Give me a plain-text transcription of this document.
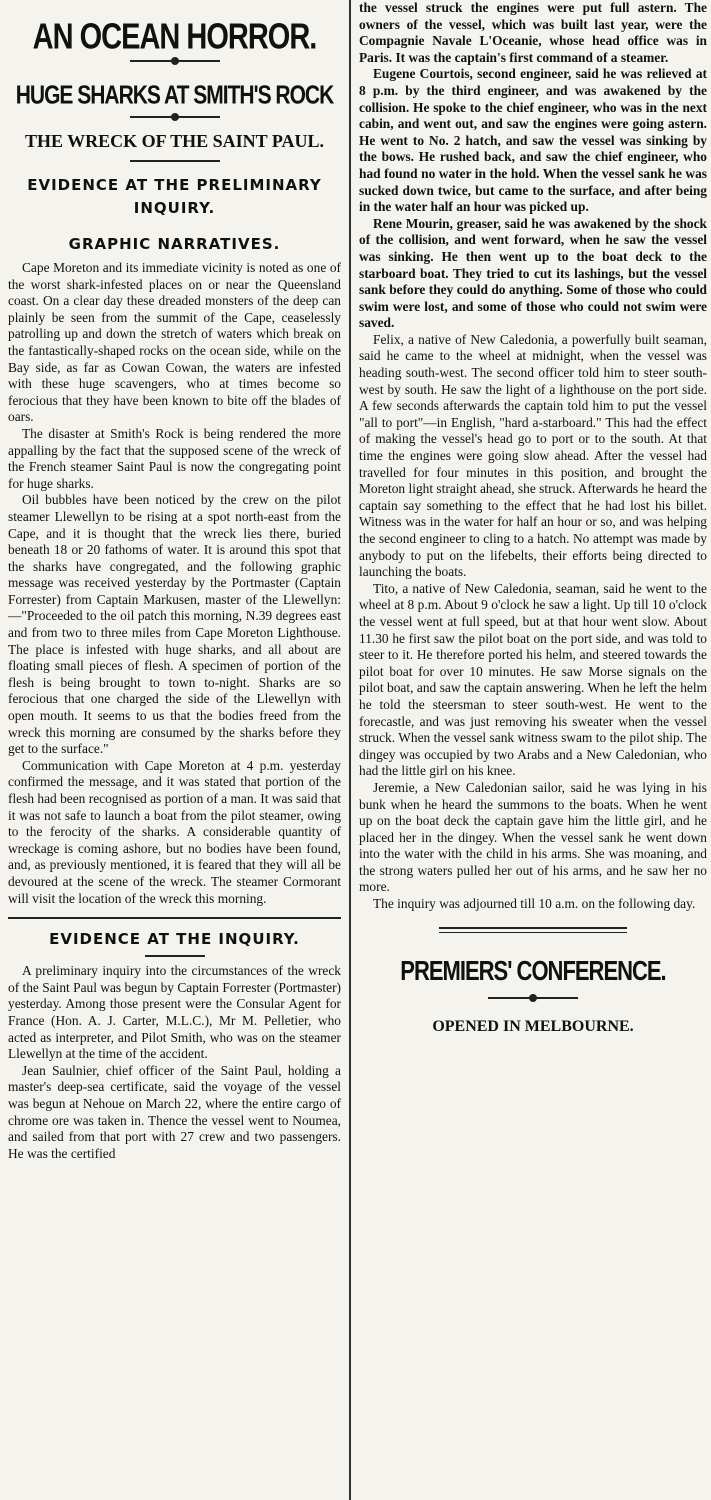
AN OCEAN HORROR.
HUGE SHARKS AT SMITH'S ROCK
THE WRECK OF THE SAINT PAUL.
EVIDENCE AT THE PRELIMINARY INQUIRY.
GRAPHIC NARRATIVES.

Cape Moreton and its immediate vicinity is noted as one of the worst shark-infested places on or near the Queensland coast. On a clear day these dreaded monsters of the deep can plainly be seen from the summit of the Cape, ceaselessly patrolling up and down the stretch of waters which break on the fantastically-shaped rocks on the ocean side, while on the Bay side, as far as Cowan Cowan, the waters are infested with these huge scavengers, who at times become so ferocious that they have been known to bite off the blades of oars.

The disaster at Smith's Rock is being rendered the more appalling by the fact that the supposed scene of the wreck of the French steamer Saint Paul is now the congregating point for huge sharks.

Oil bubbles have been noticed by the crew on the pilot steamer Llewellyn to be rising at a spot north-east from the Cape, and it is thought that the wreck lies there, buried beneath 18 or 20 fathoms of water. It is around this spot that the sharks have congregated, and the following graphic message was received yesterday by the Portmaster (Captain Forrester) from Captain Markusen, master of the Llewellyn:—"Proceeded to the oil patch this morning, N.39 degrees east and from two to three miles from Cape Moreton Lighthouse. The place is infested with huge sharks, and all about are floating small pieces of flesh. A specimen of portion of the flesh is being brought to town to-night. Sharks are so ferocious that one charged the side of the Llewellyn with open mouth. It seems to us that the bodies freed from the wreck this morning are consumed by the sharks before they get to the surface."

Communication with Cape Moreton at 4 p.m. yesterday confirmed the message, and it was stated that portion of the flesh had been recognised as portion of a man. It was said that it was not safe to launch a boat from the pilot steamer, owing to the ferocity of the sharks. A considerable quantity of wreckage is coming ashore, but no bodies have been found, and, as previously mentioned, it is feared that they will all be devoured at the scene of the wreck. The steamer Cormorant will visit the location of the wreck this morning.

EVIDENCE AT THE INQUIRY.

A preliminary inquiry into the circumstances of the wreck of the Saint Paul was begun by Captain Forrester (Portmaster) yesterday. Among those present were the Consular Agent for France (Hon. A. J. Carter, M.L.C.), Mr M. Pelletier, who acted as interpreter, and Pilot Smith, who was on the steamer Llewellyn at the time of the accident.

Jean Saulnier, chief officer of the Saint Paul, holding a master's deep-sea certificate, said the voyage of the vessel was begun at Nehoue on March 22, where the entire cargo of chrome ore was taken in. Thence the vessel went to Noumea, and sailed from that port with 27 crew and two passengers. He was the certified

the vessel struck the engines were put full astern. The owners of the vessel, which was built last year, were the Compagnie Navale L'Oceanie, whose head office was in Paris. It was the captain's first command of a steamer.

Eugene Courtois, second engineer, said he was relieved at 8 p.m. by the third engineer, and was awakened by the collision. He spoke to the chief engineer, who was in the next cabin, and went out, and saw the engines were going astern. He went to No. 2 hatch, and saw the vessel was sinking by the bows. He rushed back, and saw the chief engineer, who had found no water in the hold. When the vessel sank he was sucked down twice, but came to the surface, and after being in the water half an hour was picked up.

Rene Mourin, greaser, said he was awakened by the shock of the collision, and went forward, when he saw the vessel was sinking. He then went up to the boat deck to the starboard boat. They tried to cut its lashings, but the vessel sank before they could do anything. Some of those who could swim were lost, and some of those who could not swim were saved.

Felix, a native of New Caledonia, a powerfully built seaman, said he came to the wheel at midnight, when the vessel was heading south-west. The second officer told him to steer south-west by south. He saw the light of a lighthouse on the port side. A few seconds afterwards the captain told him to put the vessel "all to port"—in English, "hard a-starboard." This had the effect of making the vessel's head go to port or to the south. At that time the engines were going slow ahead. After the vessel had travelled for four minutes in this position, and brought the Moreton light straight ahead, she struck. Afterwards he heard the captain say something to the effect that he had lost his billet. Witness was in the water for half an hour or so, and was helping the second engineer to cling to a hatch. No attempt was made by anybody to put on the lifebelts, their efforts being directed to launching the boats.

Tito, a native of New Caledonia, seaman, said he went to the wheel at 8 p.m. About 9 o'clock he saw a light. Up till 10 o'clock the vessel went at full speed, but at that hour went slow. About 11.30 he first saw the pilot boat on the port side, and was told to steer to it. He therefore ported his helm, and steered towards the pilot boat for over 10 minutes. He saw Morse signals on the pilot boat, and saw the captain answering. When he left the helm he told the steersman to steer south-west. He went to the forecastle, and was just removing his sweater when the vessel struck. When the vessel sank witness swam to the pilot ship. The dingey was occupied by two Arabs and a New Caledonian, who had the little girl on his knee.

Jeremie, a New Caledonian sailor, said he was lying in his bunk when he heard the summons to the boats. When he went up on the boat deck the captain gave him the little girl, and he placed her in the dingey. When the vessel sank he went down into the water with the child in his arms. She was moaning, and the strong waters pulled her out of his arms, and he saw her no more.

The inquiry was adjourned till 10 a.m. on the following day.

PREMIERS' CONFERENCE.
OPENED IN MELBOURNE.
